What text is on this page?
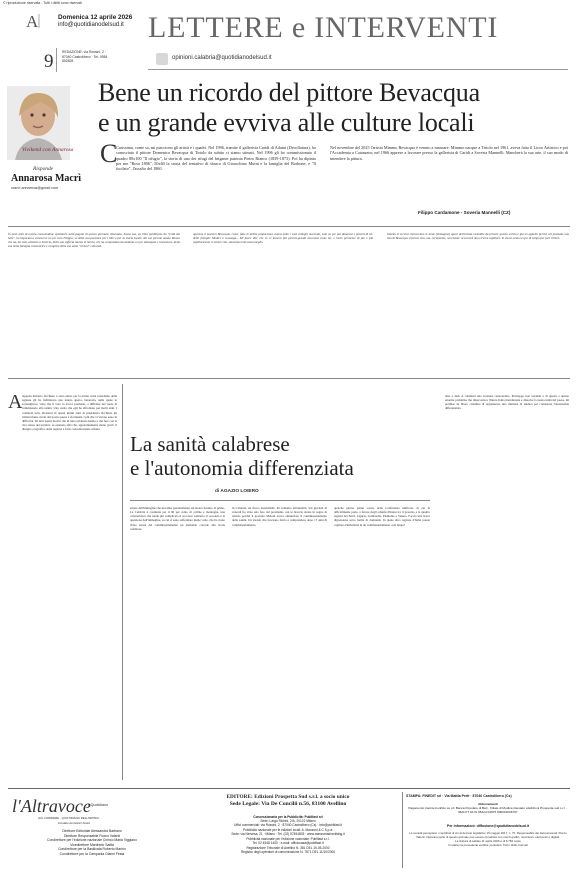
© riproduzione riservata · Tutti i diritti sono riservati
A	Domenica 12 aprile 2026
info@quotidianodelsud.it LETTERE e INTERVENTI
9	REDAZIONE: via Rossini, 2 · 87040 Castrolibero · Tel. 0984 852828
opinioni.calabria@quotidianodelsud.it
Vivikend con Annarosa
Risponde
Annarosa Macrì
macri.annarosa@gmail.com
Bene un ricordo del pittore Bevacqua
e un grande evviva alle culture locali
C

Carissima, come sa, mi piacciono gli artisti e i quadri. Nel 1996, tramite il gallerista Carìdi di Adami (Decollatura), ho conosciuto il pittore Domenico Bevacqua di Tiriolo da subito ci siamo stimati. Nel 1996 gli ho commissionato il quadro 80x100 "Il rifugio", la storia di uno dei rifugi del brigante patriota Pietro Bianco (1839-1873). Poi ha dipinto per me "Rosa 1806", 50x60 la storia del tentativo di sbarco di Gioacchino Murat e la famiglia del Borbone; e "Il fucilato", l'assalto del 1860.

Nel novembre del 2025 l'artista Mimmo Bevacqua è venuto a mancare. Mimmo nacque a Tiriolo nel 1961, aveva fatto il Liceo Artistico e poi l'Accademia a Catanzaro; nel 1966 apprese a lavorare presso la gallerista di Carìdi a Soveria Mannelli. Mancherà la sua arte, il suo modo di intendere la pittura.

Filippo Cardamone - Soveria Mannelli (CZ)

In tanti anni di nostra consuetudine epistolare sulla pagina di questo giornale, diventata, bontà sua, un libro pubblicato da "Città del Sole", ho imparato a conoscere un po' caro Filippo: so della sua passione per i libri e per la storia locale, del suo piccolo amato Museo che ha, da solo, allestito a Soveria, della sua sofferta laurea in Storia, che ha conquistato da studente un po' attempato e lavoratore, della sua bella famiglia sostenitrice e complice delle sue alate "visioni" culturali.

operava il maestro Bevacqua, come, fatte le debite proporzioni, hanno fatto i suoi colleghi mecenati, solo un po' più danarosi e potenti di lei, delle famiglie Medici o Gonzaga... Mi piace dire che ce ci fossero più piccoli-grandi mecenati come lei, e l'arte permesse di più e più capillarmente in nostre vite, staremmo tutti assai meglio.

Intanto le servirà rintracciare le tante (immagino) opere dell'artista custodite da privati: questo scritto è già un appello perché chi possiede una tela di Bevacqua si faccia vivo, ma, certamente, non basta: occorrerà una ricerca capillare. Io stesso sento un po' di tempo per fare il libro.

A Appena Roberto Occhiuto è stato eletto per la prima volta presidente della regione gli ho indirizzato una lettera aperta, benevola, nella quale lo sconsigliavo, visto che il voto lo aveva premiato, a diffidare del ruolo di commissario alla sanità. Una scelta che egli ha affrontato per molti anni. I calabresi sono diventati in questi ultimi anni di presidenza Occhiuto gli italiani meno curati del nostro paese e sfortunati, i più che vi vivono sono in difficoltà. Di tutti questi motivi che in tutta evidenza hanno a che fare con la vita stessa dei territori, se esistono altri che, apparentemente meno gravi: il disegno orografico della regione a forte concentrazione urbana.

La sanità calabrese
e l'autonomia differenziata
di AGAZIO LOIERO

stione dell'immagine che incombe pesantemente sul nostro destino. Il primo, La Calabria è costituita per il 90 per cento di colline e montagna, una caratteristica che rende più complicato il soccorso sanitario. Il secondo è la questione dell'immagine, su cui ci sono soffermato molte volte, che ha avuto l'idea stessa del commissariamento un elemento corredo alla storia calabrese.

in Calabria, un fuoco irresistibile. Ri veniamo all'attualità. Sui giornali di venerdì ho visto una foto dal presidente con le braccia alzate in segno di trionfo perché il governo Meloni aveva annunciato il commissariamento della sanità. Un trionfo che facevano fatica a comprendere dopo 17 anni di commissariamento.

qualche giorno prima votato nella Conferenza unificata, di cui fa ufficialmente parte, a favore degli schemi d'intesa tra il governo e le quattro regioni del Nord, Liguria, Lombardia, Piemonte e Veneto. Faccio una breve digressione sotto forma di domanda. In quale altra regione d'Italia potete capitare d'imbattersi in un commissariamento così lungo?

dato e dark ai calabresi una versione rassicurante. Purtroppo non votando e di questa a questo enorme problema che impoverisce l'intera Italia meridionale e dissolve la stessa unità del paese, mi permise da libero cittadino di organizzare una riunione di sindaci per contestare l'Autonomia differenziata.

l'Altravoce
il Quotidiano
GIÀ CORRIERE · QUOTIDIANO DELL'IRPINIA
Fondato da Gianni Festa
Direttore Editoriale Alessandra Barbano
Direttore Responsabile Rocco Valenti
Condirettore per l'edizione nazionale Cirinco Maria Viggiano
Vicedirettore Manfredo Saitta
Condirettore per la Basilicata Roberto Marino
Condirettore per la Campania Gianni Festa
EDITORE: Edizioni Prospetta Sud s.r.l. a socio unico
Sede Legale: Via De Concilii n.56, 83100 Avellino
Concessionaria per la Pubblicità: Publifast srl
Sede: Largo Richini, 2/A, 20122 Milano
Uffici commerciali: via Rossini, 2 · 87040 Castrolibero (Cs) · info@publifast.it
Pubblicità nazionale per le edizioni locali: A. Manzoni & C S.p.a.
Sede: via Nervesa, 21 · Milano · Tel. (02) 57494803 · www.manzoniadvertising.it
Pubblicità nazionale per l'edizione nazionale: Publifast s.r.l.
Tel. 02 4548 1400 · e-mail: ufficiocasa@publifast.it
Registrazione Tribunale di Avellino N. 381 DEL 19-05-2000
Registro degli operatori di comunicazione N. 7871 DEL 11/10/2000
STAMPA: FINEDIT srl · Via Mattia Preti · 87040 Castrolibero (Cs)
Abbonamenti
Pagamento tramite bonifico su c/c Banca Popolare di Bari · Filiale di Modica intestato a Edizioni Prospetta sud s.r.l. · IBAN IT 94 W 05424 04675 000001006707
Per informazioni: diffusione@quotidianodelsud.it
La società percepisce i contributi di cui al decreto legislativo 15 maggio 2017, n. 70. Responsabile dei dati personali: Rocco Valenti. Nessuna parte di questo giornale può essere riprodotta con mezzi grafici, meccanici, elettronici o digitali.
La tiratura di sabato 11 aprile 2026 è di 6.784 copie
Il relativo la precedente verifica: periodico: Tutti i diritti riservati
